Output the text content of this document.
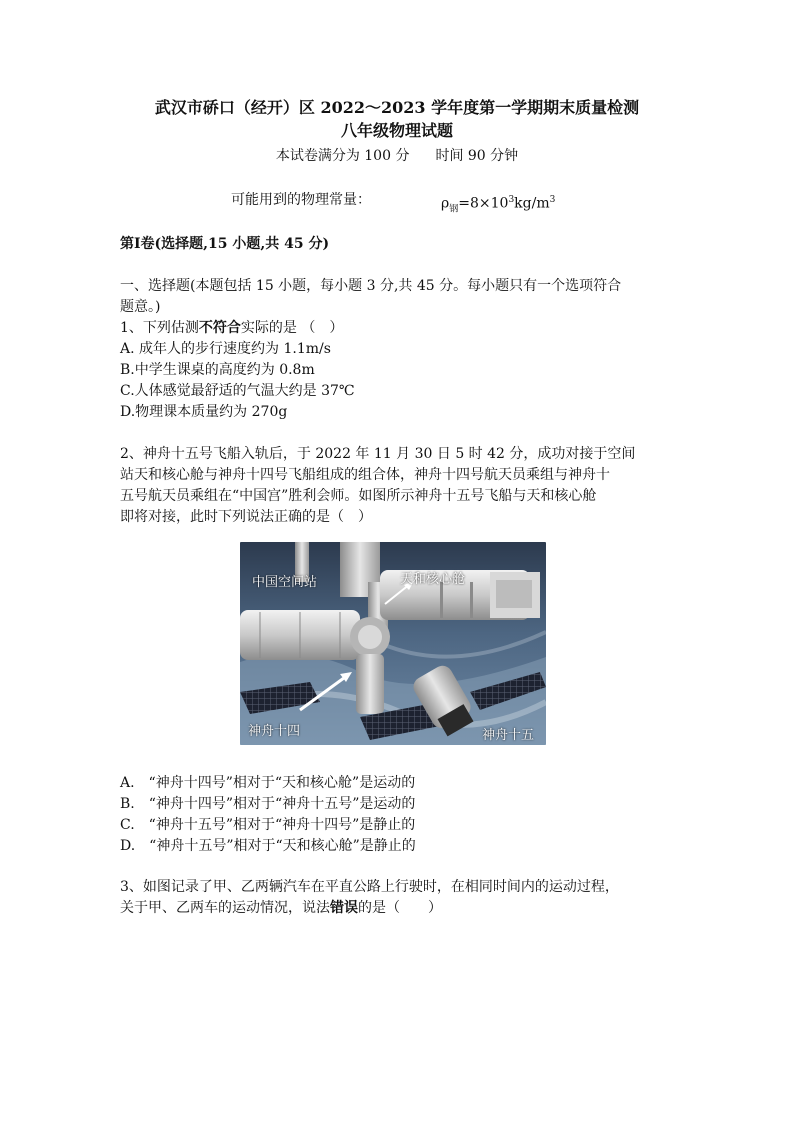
武汉市硚口（经开）区 2022～2023 学年度第一学期期末质量检测
八年级物理试题
本试卷满分为 100 分 时间 90 分钟
可能用到的物理常量：	$\rho_钢=8\times 10^3kg/m^3$
第Ⅰ卷(选择题,15 小题,共 45 分)
一、选择题(本题包括 15 小题，每小题 3 分,共 45 分。每小题只有一个选项符合
题意。)
1、下列估测不符合实际的是 （　）
A. 成年人的步行速度约为 1.1m/s
B.中学生课桌的高度约为 0.8m
C.人体感觉最舒适的气温大约是 37℃
D.物理课本质量约为 270g
2、神舟十五号飞船入轨后，于 2022 年 11 月 30 日 5 时 42 分，成功对接于空间
站天和核心舱与神舟十四号飞船组成的组合体，神舟十四号航天员乘组与神舟十
五号航天员乘组在“中国宫”胜利会师。如图所示神舟十五号飞船与天和核心舱
即将对接，此时下列说法正确的是（　）
中国空间站	天和核心舱
神舟十四	神舟十五
A.　“神舟十四号”相对于“天和核心舱”是运动的
B.　“神舟十四号”相对于“神舟十五号”是运动的
C.　“神舟十五号”相对于“神舟十四号”是静止的
D.　“神舟十五号”相对于“天和核心舱”是静止的
3、如图记录了甲、乙两辆汽车在平直公路上行驶时，在相同时间内的运动过程，
关于甲、乙两车的运动情况，说法错误的是（　　）
